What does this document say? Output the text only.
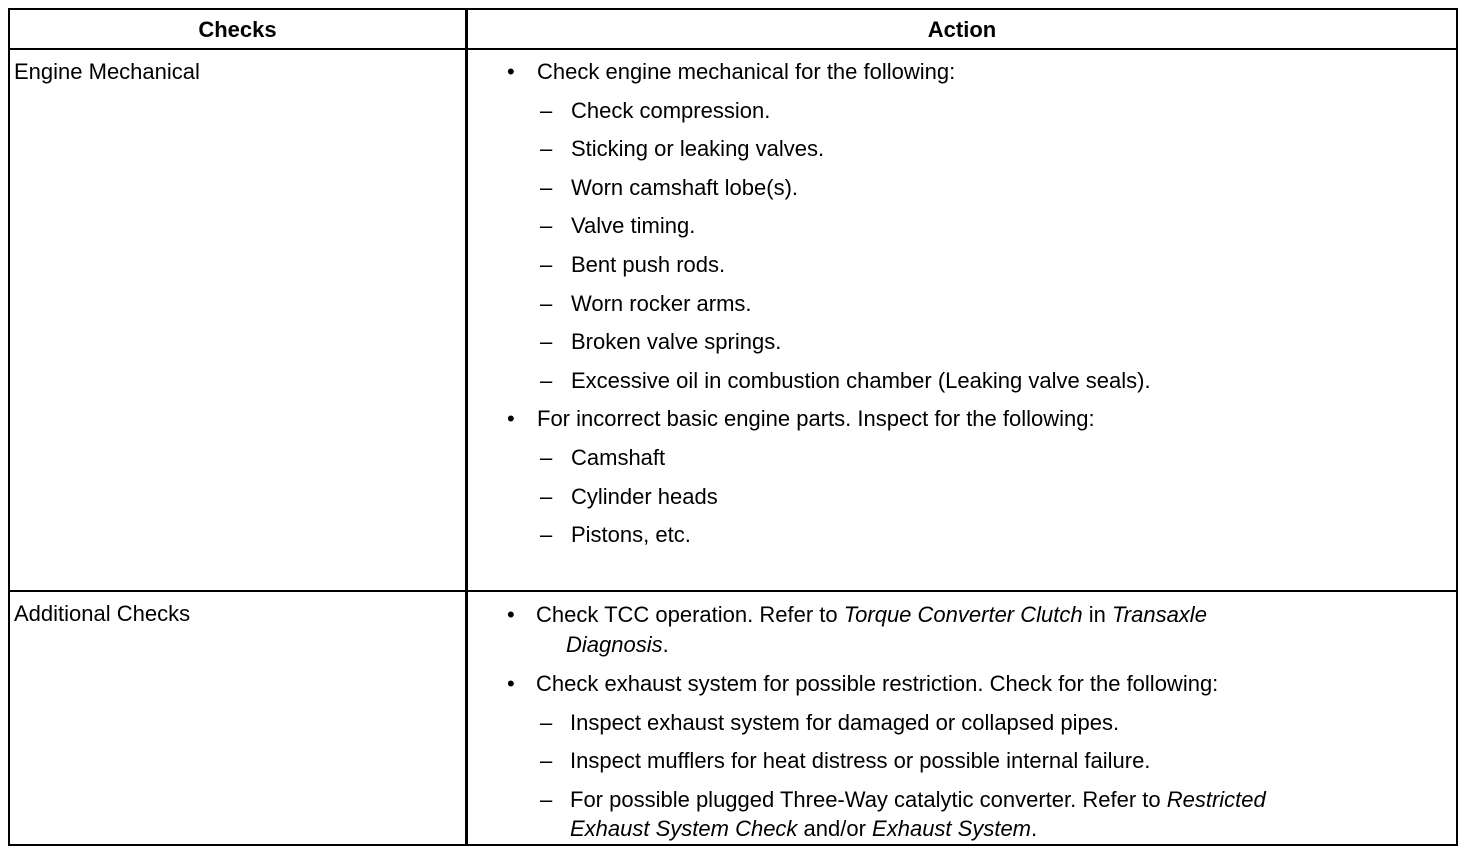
Checks	Action
Engine Mechanical	• Check engine mechanical for the following:
– Check compression.
– Sticking or leaking valves.
– Worn camshaft lobe(s).
– Valve timing.
– Bent push rods.
– Worn rocker arms.
– Broken valve springs.
– Excessive oil in combustion chamber (Leaking valve seals).
• For incorrect basic engine parts. Inspect for the following:
– Camshaft
– Cylinder heads
– Pistons, etc.
Additional Checks	• Check TCC operation. Refer to Torque Converter Clutch in Transaxle
Diagnosis.
• Check exhaust system for possible restriction. Check for the following:
– Inspect exhaust system for damaged or collapsed pipes.
– Inspect mufflers for heat distress or possible internal failure.
– For possible plugged Three-Way catalytic converter. Refer to Restricted
Exhaust System Check and/or Exhaust System.
